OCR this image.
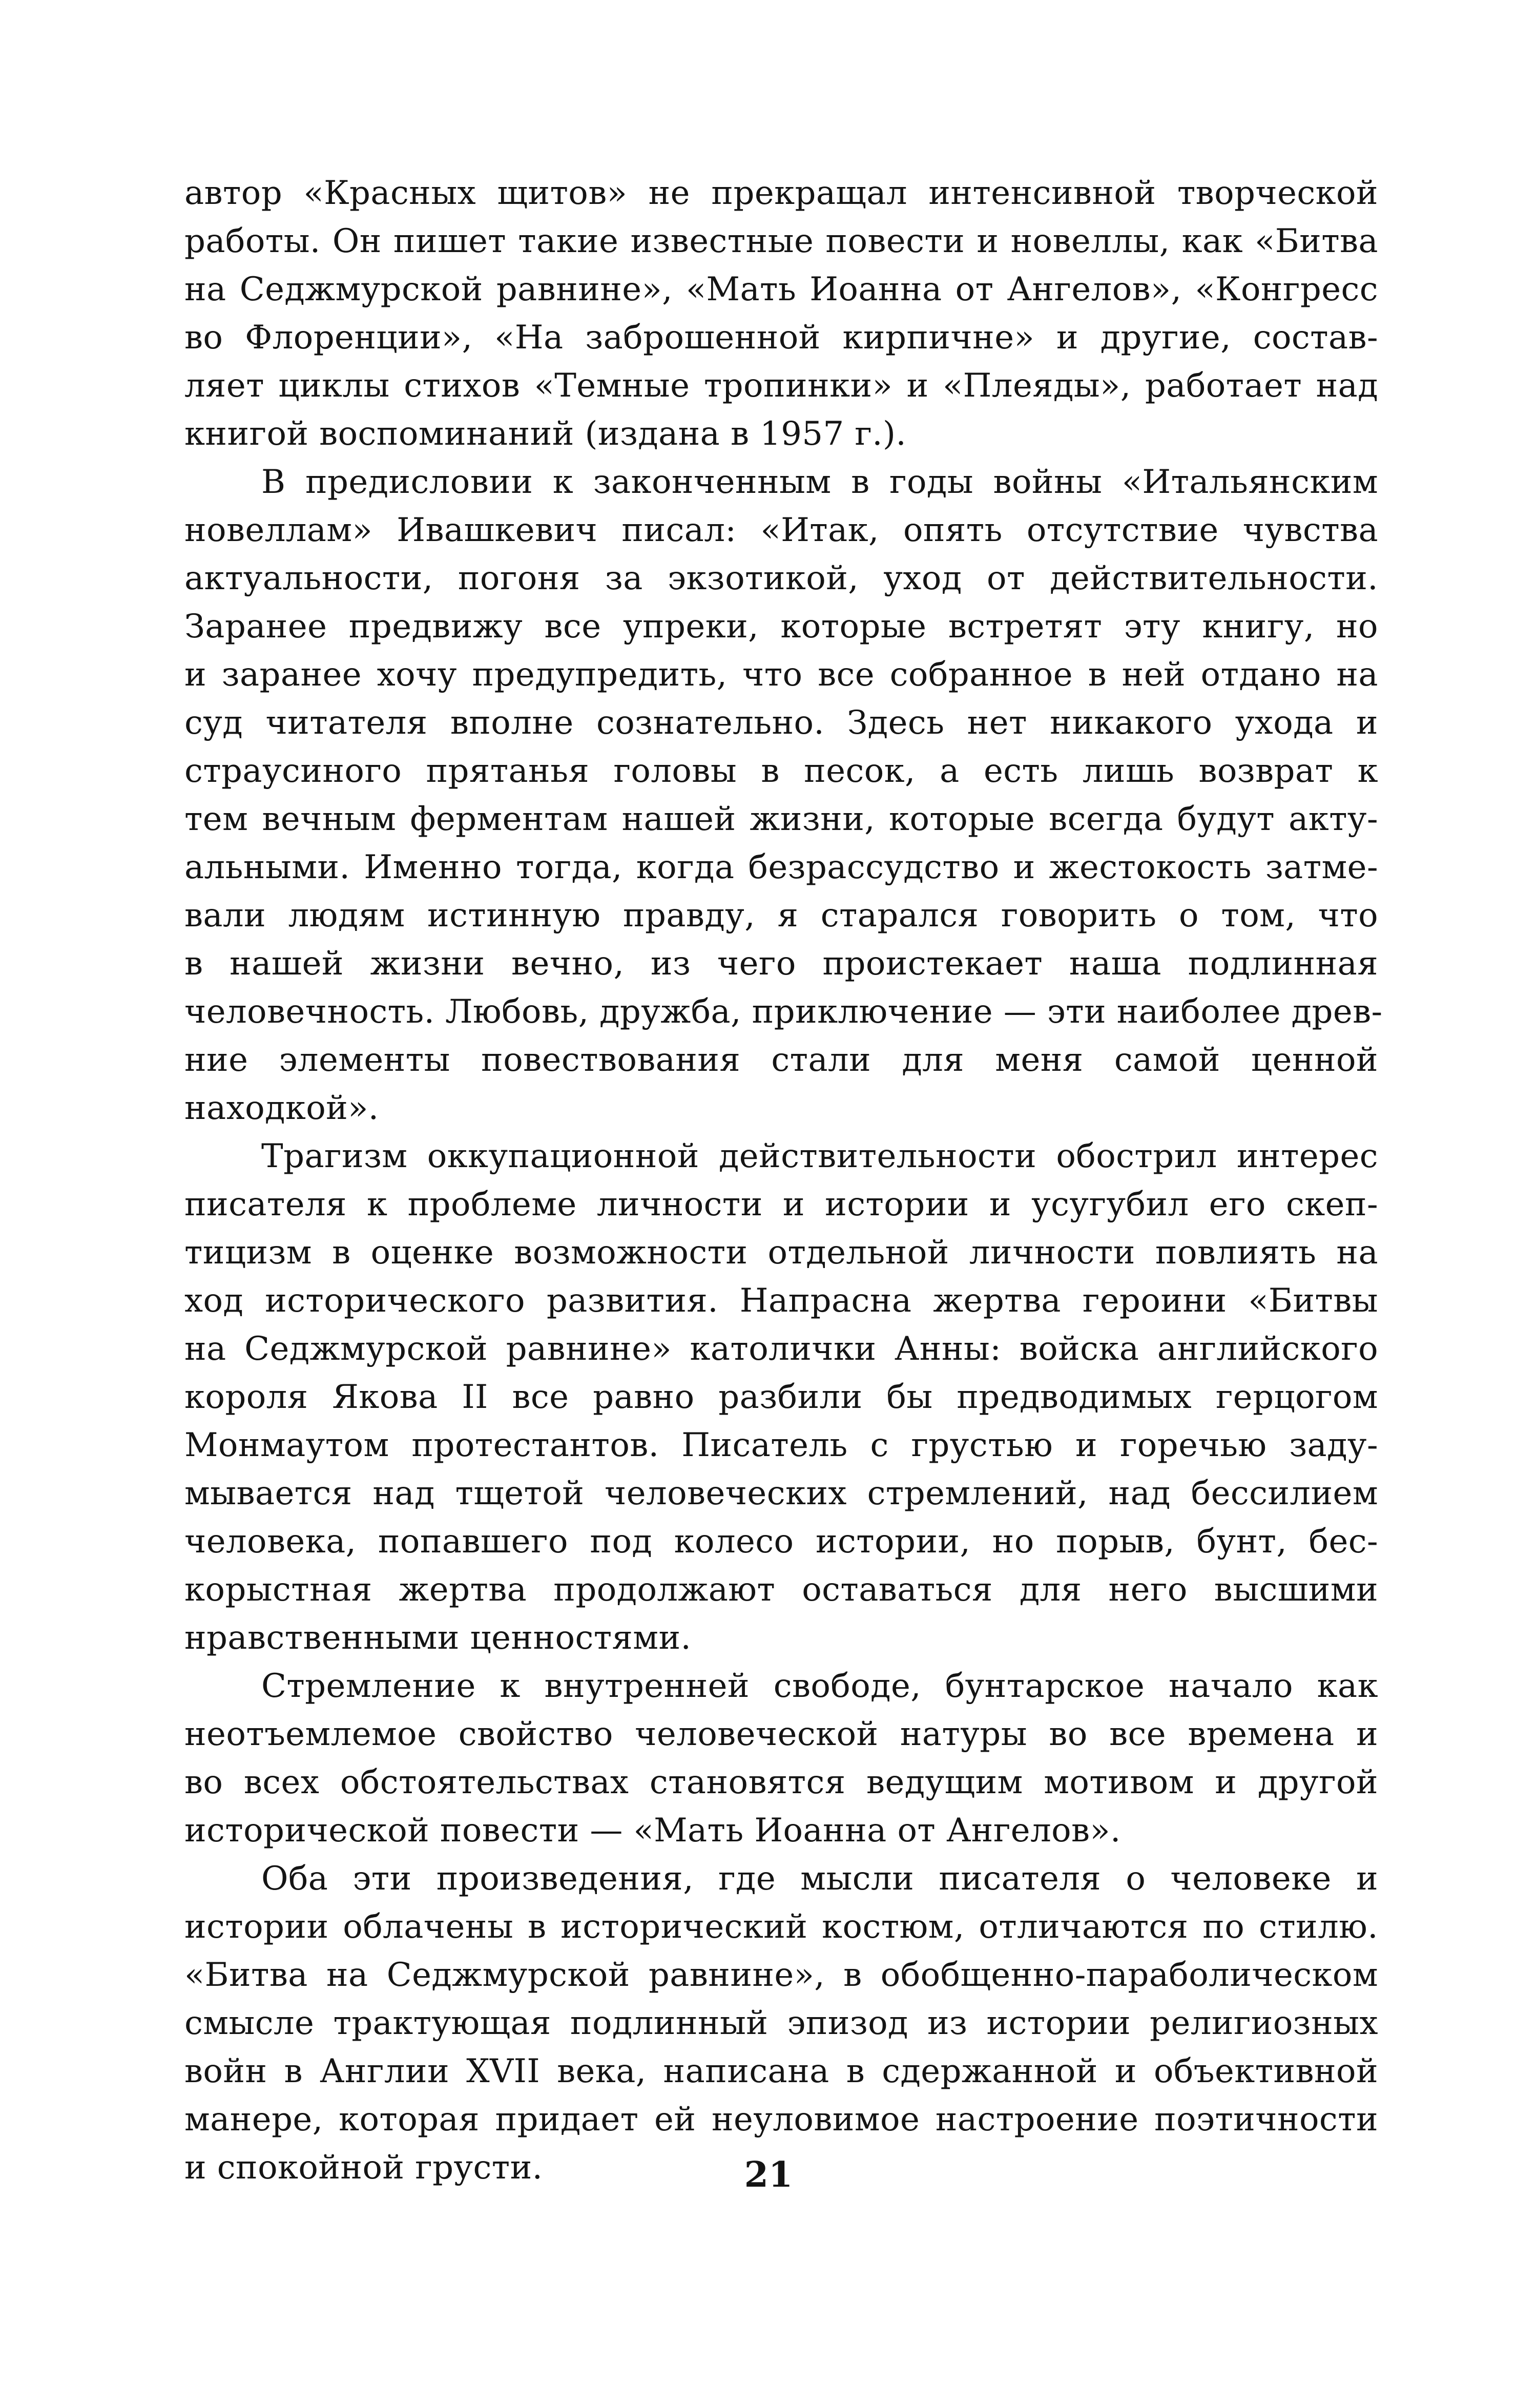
автор «Красных щитов» не прекращал интенсивной творческой
работы. Он пишет такие известные повести и новеллы, как «Битва
на Седжмурской равнине», «Мать Иоанна от Ангелов», «Конгресс
во Флоренции», «На заброшенной кирпичне» и другие, состав-
ляет циклы стихов «Темные тропинки» и «Плеяды», работает над
книгой воспоминаний (издана в 1957 г.).

В предисловии к законченным в годы войны «Итальянским
новеллам» Ивашкевич писал: «Итак, опять отсутствие чувства
актуальности, погоня за экзотикой, уход от действительности.
Заранее предвижу все упреки, которые встретят эту книгу, но
и заранее хочу предупредить, что все собранное в ней отдано на
суд читателя вполне сознательно. Здесь нет никакого ухода и
страусиного прятанья головы в песок, а есть лишь возврат к
тем вечным ферментам нашей жизни, которые всегда будут акту-
альными. Именно тогда, когда безрассудство и жестокость затме-
вали людям истинную правду, я старался говорить о том, что
в нашей жизни вечно, из чего проистекает наша подлинная
человечность. Любовь, дружба, приключение — эти наиболее древ-
ние элементы повествования стали для меня самой ценной
находкой».

Трагизм оккупационной действительности обострил интерес
писателя к проблеме личности и истории и усугубил его скеп-
тицизм в оценке возможности отдельной личности повлиять на
ход исторического развития. Напрасна жертва героини «Битвы
на Седжмурской равнине» католички Анны: войска английского
короля Якова II все равно разбили бы предводимых герцогом
Монмаутом протестантов. Писатель с грустью и горечью заду-
мывается над тщетой человеческих стремлений, над бессилием
человека, попавшего под колесо истории, но порыв, бунт, бес-
корыстная жертва продолжают оставаться для него высшими
нравственными ценностями.

Стремление к внутренней свободе, бунтарское начало как
неотъемлемое свойство человеческой натуры во все времена и
во всех обстоятельствах становятся ведущим мотивом и другой
исторической повести — «Мать Иоанна от Ангелов».

Оба эти произведения, где мысли писателя о человеке и
истории облачены в исторический костюм, отличаются по стилю.
«Битва на Седжмурской равнине», в обобщенно-параболическом
смысле трактующая подлинный эпизод из истории религиозных
войн в Англии XVII века, написана в сдержанной и объективной
манере, которая придает ей неуловимое настроение поэтичности
и спокойной грусти.	21
